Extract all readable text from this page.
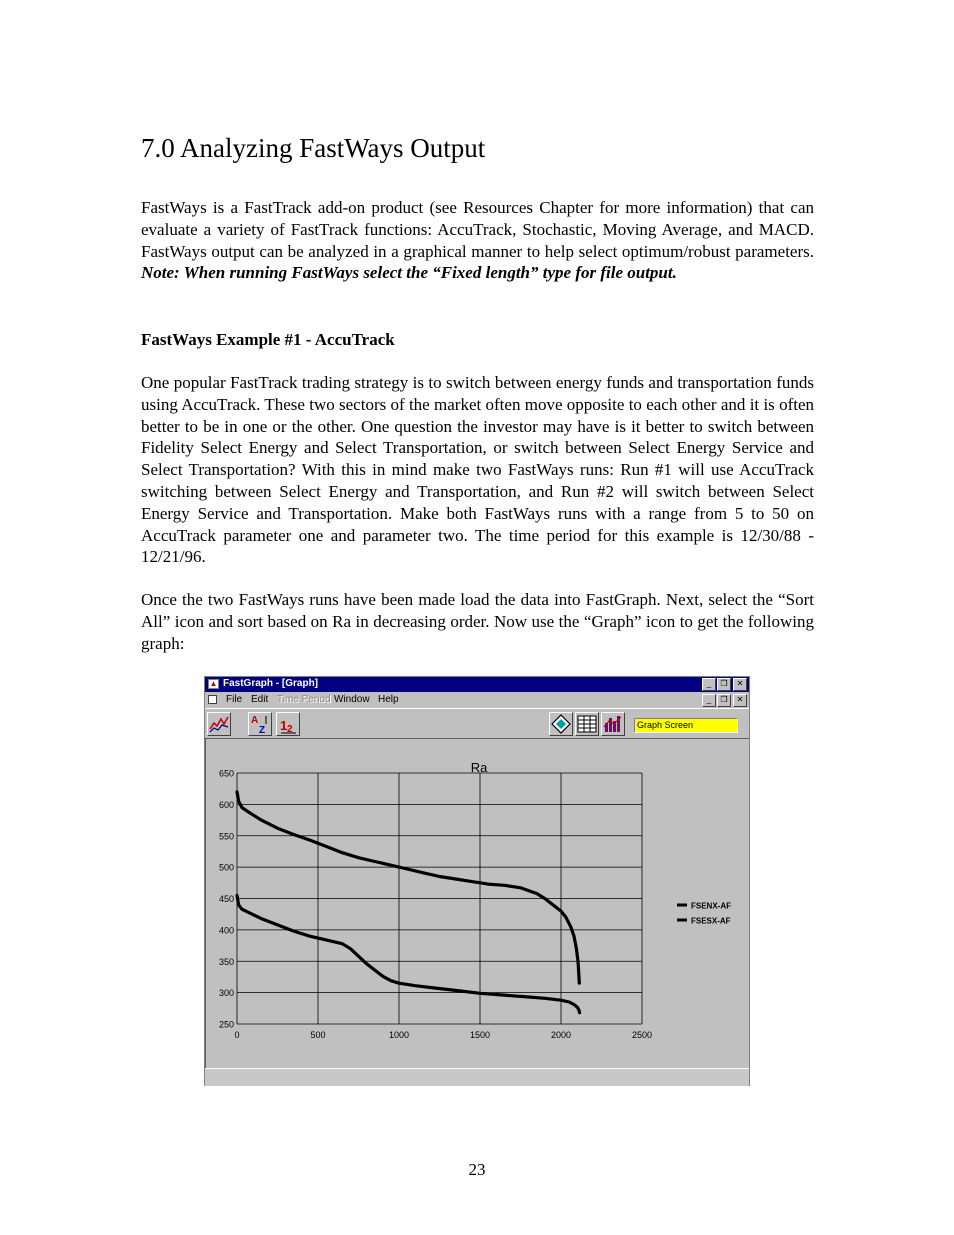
7.0 Analyzing FastWays Output

FastWays is a FastTrack add-on product (see Resources Chapter for more information) that can evaluate a variety of FastTrack functions: AccuTrack, Stochastic, Moving Average, and MACD. FastWays output can be analyzed in a graphical manner to help select optimum/robust parameters. Note: When running FastWays select the “Fixed length” type for file output.

FastWays Example #1 - AccuTrack

One popular FastTrack trading strategy is to switch between energy funds and transportation funds using AccuTrack. These two sectors of the market often move opposite to each other and it is often better to be in one or the other. One question the investor may have is it better to switch between Fidelity Select Energy and Select Transportation, or switch between Select Energy Service and Select Transportation? With this in mind make two FastWays runs: Run #1 will use AccuTrack switching between Select Energy and Transportation, and Run #2 will switch between Select Energy Service and Transportation. Make both FastWays runs with a range from 5 to 50 on AccuTrack parameter one and parameter two. The time period for this example is 12/30/88 - 12/21/96.

Once the two FastWays runs have been made load the data into FastGraph. Next, select the “Sort All” icon and sort based on Ra in decreasing order. Now use the “Graph” icon to get the following graph:

▲ FastGraph - [Graph]	_ ❐ ✕
File Edit Time Period Window Help	_ ❐ ✕
A
Z 1 2	Graph Screen
Ra
250
300
350
400
450
500
550
600
650
0	500	1000	1500	2000	2500
FSENX-AF
FSESX-AF
23
